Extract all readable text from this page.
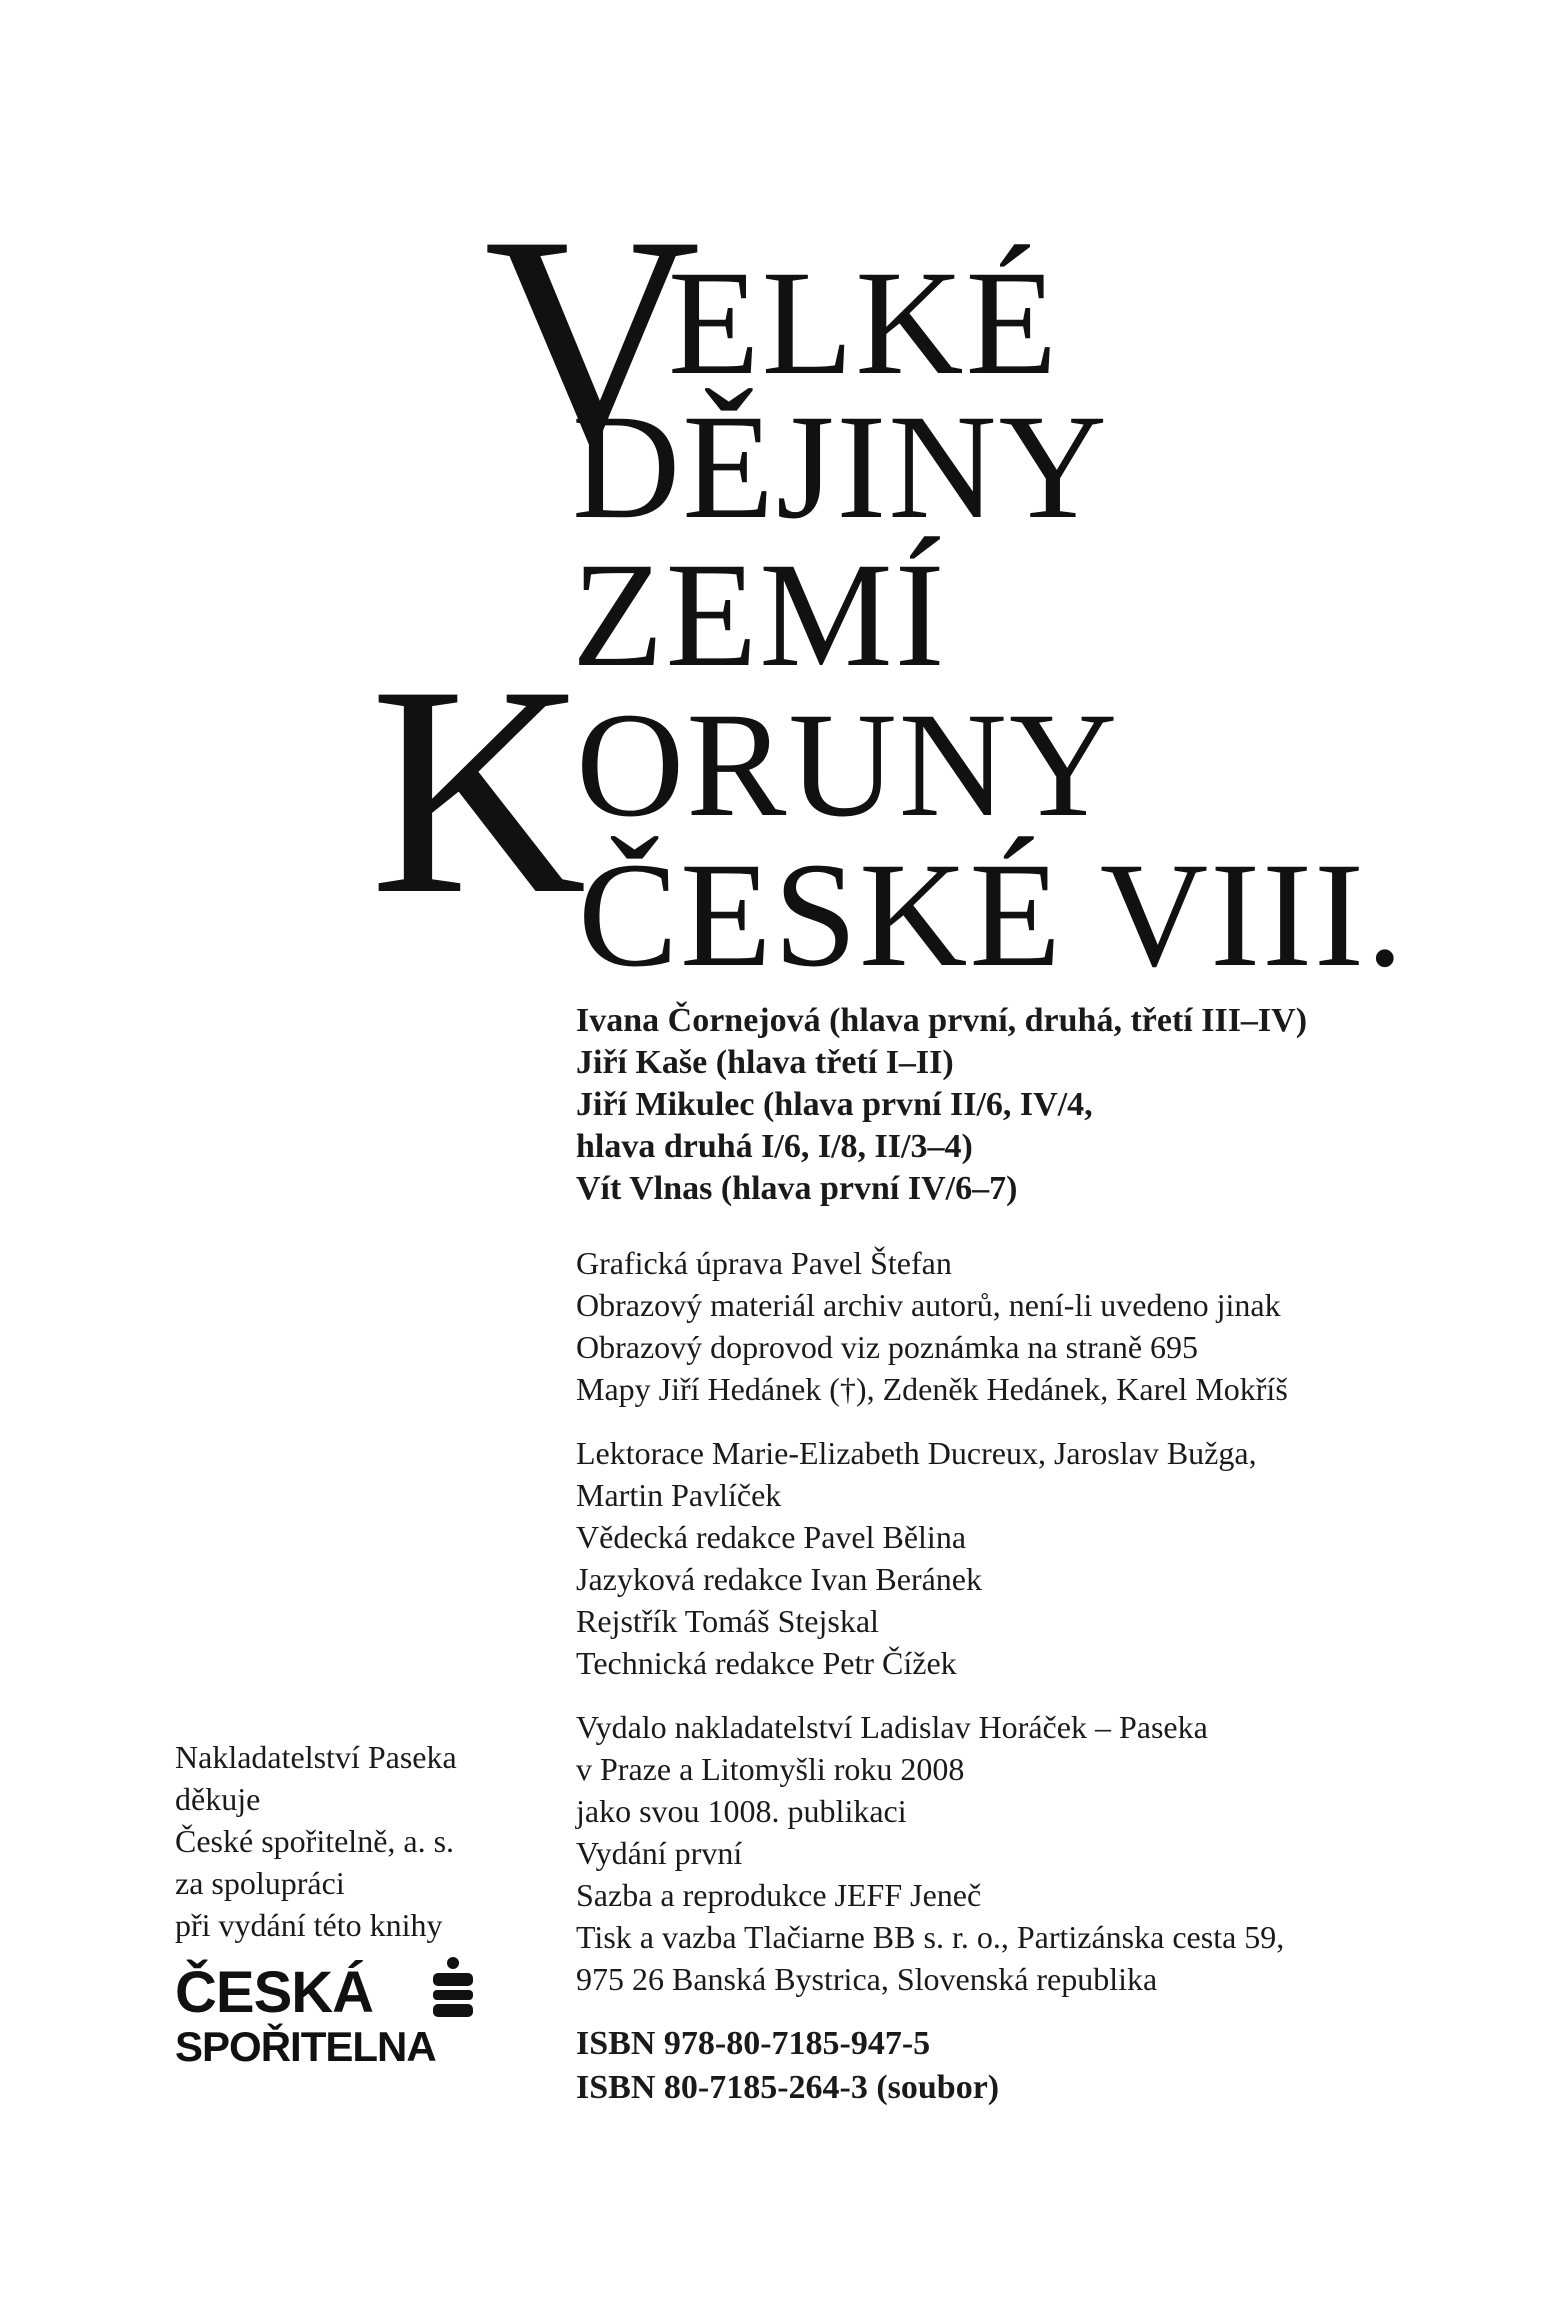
V
ELKÉ
DĚJINY
ZEMÍ
K
ORUNY
ČESKÉ VIII.
Ivana Čornejová (hlava první, druhá, třetí III–IV)
Jiří Kaše (hlava třetí I–II)
Jiří Mikulec (hlava první II/6, IV/4,
hlava druhá I/6, I/8, II/3–4)
Vít Vlnas (hlava první IV/6–7)
Grafická úprava Pavel Štefan
Obrazový materiál archiv autorů, není-li uvedeno jinak
Obrazový doprovod viz poznámka na straně 695
Mapy Jiří Hedánek (†), Zdeněk Hedánek, Karel Mokříš
Lektorace Marie-Elizabeth Ducreux, Jaroslav Bužga,
Martin Pavlíček
Vědecká redakce Pavel Bělina
Jazyková redakce Ivan Beránek
Rejstřík Tomáš Stejskal
Technická redakce Petr Čížek
Vydalo nakladatelství Ladislav Horáček – Paseka
v Praze a Litomyšli roku 2008
jako svou 1008. publikaci
Vydání první
Sazba a reprodukce JEFF Jeneč
Tisk a vazba Tlačiarne BB s. r. o., Partizánska cesta 59,
975 26 Banská Bystrica, Slovenská republika
ISBN 978-80-7185-947-5
ISBN 80-7185-264-3 (soubor)
Nakladatelství Paseka
děkuje
České spořitelně, a. s.
za spolupráci
při vydání této knihy
ČESKÁ
SPOŘITELNA
